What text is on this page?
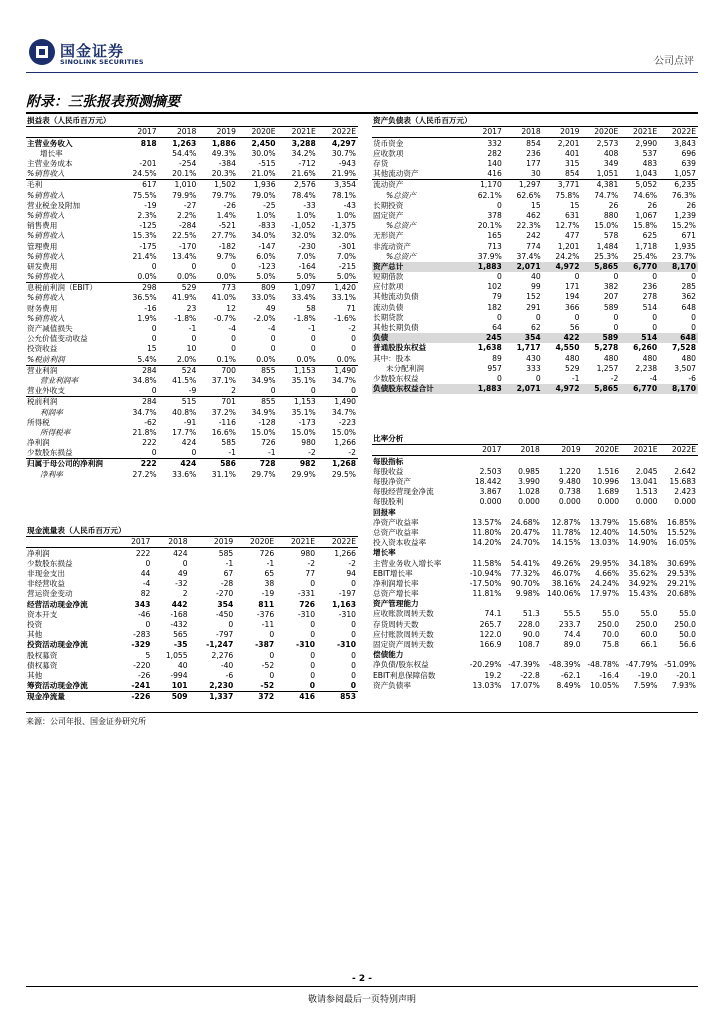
国金证券
SINOLINK SECURITIES	公司点评
附录：三张报表预测摘要
损益表（人民币百万元）						
	2017	2018	2019	2020E	2021E	2022E
主营业务收入	818	1,263	1,886	2,450	3,288	4,297
增长率		54.4%	49.3%	30.0%	34.2%	30.7%
主营业务成本	-201	-254	-384	-515	-712	-943
%销售收入	24.5%	20.1%	20.3%	21.0%	21.6%	21.9%
毛利	617	1,010	1,502	1,936	2,576	3,354
%销售收入	75.5%	79.9%	79.7%	79.0%	78.4%	78.1%
营业税金及附加	-19	-27	-26	-25	-33	-43
%销售收入	2.3%	2.2%	1.4%	1.0%	1.0%	1.0%
销售费用	-125	-284	-521	-833	-1,052	-1,375
%销售收入	15.3%	22.5%	27.7%	34.0%	32.0%	32.0%
管理费用	-175	-170	-182	-147	-230	-301
%销售收入	21.4%	13.4%	9.7%	6.0%	7.0%	7.0%
研发费用	0	0	0	-123	-164	-215
%销售收入	0.0%	0.0%	0.0%	5.0%	5.0%	5.0%
息税前利润（EBIT）	298	529	773	809	1,097	1,420
%销售收入	36.5%	41.9%	41.0%	33.0%	33.4%	33.1%
财务费用	-16	23	12	49	58	71
%销售收入	1.9%	-1.8%	-0.7%	-2.0%	-1.8%	-1.6%
资产减值损失	0	-1	-4	-4	-1	-2
公允价值变动收益	0	0	0	0	0	0
投资收益	15	10	0	0	0	0
%税前利润	5.4%	2.0%	0.1%	0.0%	0.0%	0.0%
营业利润	284	524	700	855	1,153	1,490
营业利润率	34.8%	41.5%	37.1%	34.9%	35.1%	34.7%
营业外收支	0	-9	2	0	0	0
税前利润	284	515	701	855	1,153	1,490
利润率	34.7%	40.8%	37.2%	34.9%	35.1%	34.7%
所得税	-62	-91	-116	-128	-173	-223
所得税率	21.8%	17.7%	16.6%	15.0%	15.0%	15.0%
净利润	222	424	585	726	980	1,266
少数股东损益	0	0	-1	-1	-2	-2
归属于母公司的净利润	222	424	586	728	982	1,268
净利率	27.2%	33.6%	31.1%	29.7%	29.9%	29.5%
资产负债表（人民币百万元）						
	2017	2018	2019	2020E	2021E	2022E
货币资金	332	854	2,201	2,573	2,990	3,843
应收款项	282	236	401	408	537	696
存货	140	177	315	349	483	639
其他流动资产	416	30	854	1,051	1,043	1,057
流动资产	1,170	1,297	3,771	4,381	5,052	6,235
%总资产	62.1%	62.6%	75.8%	74.7%	74.6%	76.3%
长期投资	0	15	15	26	26	26
固定资产	378	462	631	880	1,067	1,239
%总资产	20.1%	22.3%	12.7%	15.0%	15.8%	15.2%
无形资产	165	242	477	578	625	671
非流动资产	713	774	1,201	1,484	1,718	1,935
%总资产	37.9%	37.4%	24.2%	25.3%	25.4%	23.7%
资产总计	1,883	2,071	4,972	5,865	6,770	8,170
短期借款	0	40	0	0	0	0
应付款项	102	99	171	382	236	285
其他流动负债	79	152	194	207	278	362
流动负债	182	291	366	589	514	648
长期贷款	0	0	0	0	0	0
其他长期负债	64	62	56	0	0	0
负债	245	354	422	589	514	648
普通股股东权益	1,638	1,717	4,550	5,278	6,260	7,528
其中：股本	89	430	480	480	480	480
未分配利润	957	333	529	1,257	2,238	3,507
少数股东权益	0	0	-1	-2	-4	-6
负债股东权益合计	1,883	2,071	4,972	5,865	6,770	8,170
比率分析						
	2017	2018	2019	2020E	2021E	2022E
每股指标						
每股收益	2.503	0.985	1.220	1.516	2.045	2.642
每股净资产	18.442	3.990	9.480	10.996	13.041	15.683
每股经营现金净流	3.867	1.028	0.738	1.689	1.513	2.423
每股股利	0.000	0.000	0.000	0.000	0.000	0.000
回报率						
净资产收益率	13.57%	24.68%	12.87%	13.79%	15.68%	16.85%
总资产收益率	11.80%	20.47%	11.78%	12.40%	14.50%	15.52%
投入资本收益率	14.20%	24.70%	14.15%	13.03%	14.90%	16.05%
增长率						
主营业务收入增长率	11.58%	54.41%	49.26%	29.95%	34.18%	30.69%
EBIT增长率	-10.94%	77.32%	46.07%	4.66%	35.62%	29.53%
净利润增长率	-17.50%	90.70%	38.16%	24.24%	34.92%	29.21%
总资产增长率	11.81%	9.98%	140.06%	17.97%	15.43%	20.68%
资产管理能力						
应收账款周转天数	74.1	51.3	55.5	55.0	55.0	55.0
存货周转天数	265.7	228.0	233.7	250.0	250.0	250.0
应付账款周转天数	122.0	90.0	74.4	70.0	60.0	50.0
固定资产周转天数	166.9	108.7	89.0	75.8	66.1	56.6
偿债能力						
净负债/股东权益	-20.29%	-47.39%	-48.39%	-48.78%	-47.79%	-51.09%
EBIT利息保障倍数	19.2	-22.8	-62.1	-16.4	-19.0	-20.1
资产负债率	13.03%	17.07%	8.49%	10.05%	7.59%	7.93%
现金流量表（人民币百万元）						
	2017	2018	2019	2020E	2021E	2022E
净利润	222	424	585	726	980	1,266
少数股东损益	0	0	-1	-1	-2	-2
非现金支出	44	49	67	65	77	94
非经营收益	-4	-32	-28	38	0	0
营运资金变动	82	2	-270	-19	-331	-197
经营活动现金净流	343	442	354	811	726	1,163
资本开支	-46	-168	-450	-376	-310	-310
投资	0	-432	0	-11	0	0
其他	-283	565	-797	0	0	0
投资活动现金净流	-329	-35	-1,247	-387	-310	-310
股权募资	5	1,055	2,276	0	0	0
债权募资	-220	40	-40	-52	0	0
其他	-26	-994	-6	0	0	0
筹资活动现金净流	-241	101	2,230	-52	0	0
现金净流量	-226	509	1,337	372	416	853
来源：公司年报、国金证券研究所
- 2 -
敬请参阅最后一页特别声明
